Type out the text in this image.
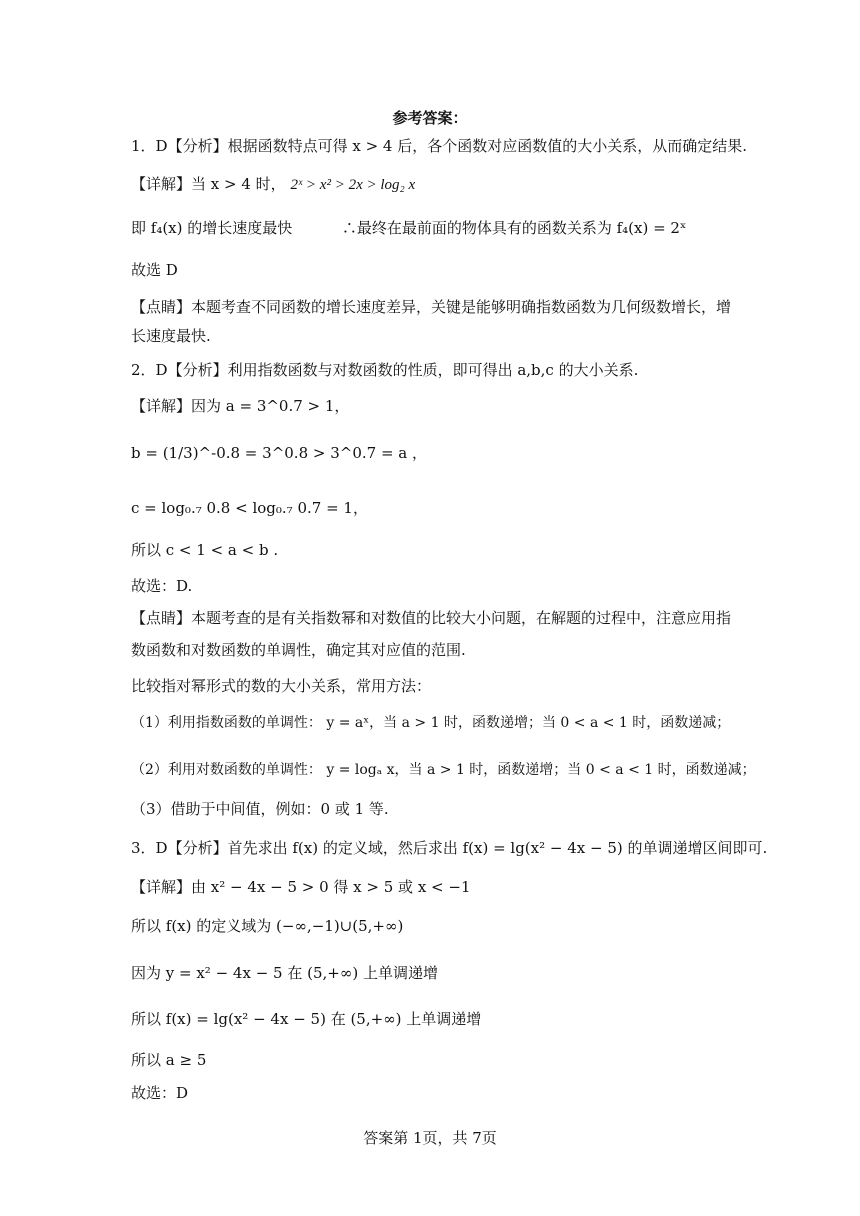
参考答案：
1．D【分析】根据函数特点可得 x > 4 后，各个函数对应函数值的大小关系，从而确定结果.
【详解】当 x > 4 时， 2ˣ > x² > 2x > log₂ x
即 f₄(x) 的增长速度最快	∴最终在最前面的物体具有的函数关系为 f₄(x) = 2ˣ
故选 D
【点睛】本题考查不同函数的增长速度差异，关键是能够明确指数函数为几何级数增长，增
长速度最快.
2．D【分析】利用指数函数与对数函数的性质，即可得出 a,b,c 的大小关系.
【详解】因为 a = 3^0.7 > 1，
b = (1/3)^-0.8 = 3^0.8 > 3^0.7 = a ，
c = log₀.₇ 0.8 < log₀.₇ 0.7 = 1，
所以 c < 1 < a < b .
故选：D.
【点睛】本题考查的是有关指数幂和对数值的比较大小问题，在解题的过程中，注意应用指
数函数和对数函数的单调性，确定其对应值的范围.
比较指对幂形式的数的大小关系，常用方法：
（1）利用指数函数的单调性： y = aˣ，当 a > 1 时，函数递增；当 0 < a < 1 时，函数递减；
（2）利用对数函数的单调性： y = logₐ x，当 a > 1 时，函数递增；当 0 < a < 1 时，函数递减；
（3）借助于中间值，例如：0 或 1 等.
3．D【分析】首先求出 f(x) 的定义域，然后求出 f(x) = lg(x² − 4x − 5) 的单调递增区间即可.
【详解】由 x² − 4x − 5 > 0 得 x > 5 或 x < −1
所以 f(x) 的定义域为 (−∞,−1)∪(5,+∞)
因为 y = x² − 4x − 5 在 (5,+∞) 上单调递增
所以 f(x) = lg(x² − 4x − 5) 在 (5,+∞) 上单调递增
所以 a ≥ 5
故选：D
答案第 1页，共 7页
